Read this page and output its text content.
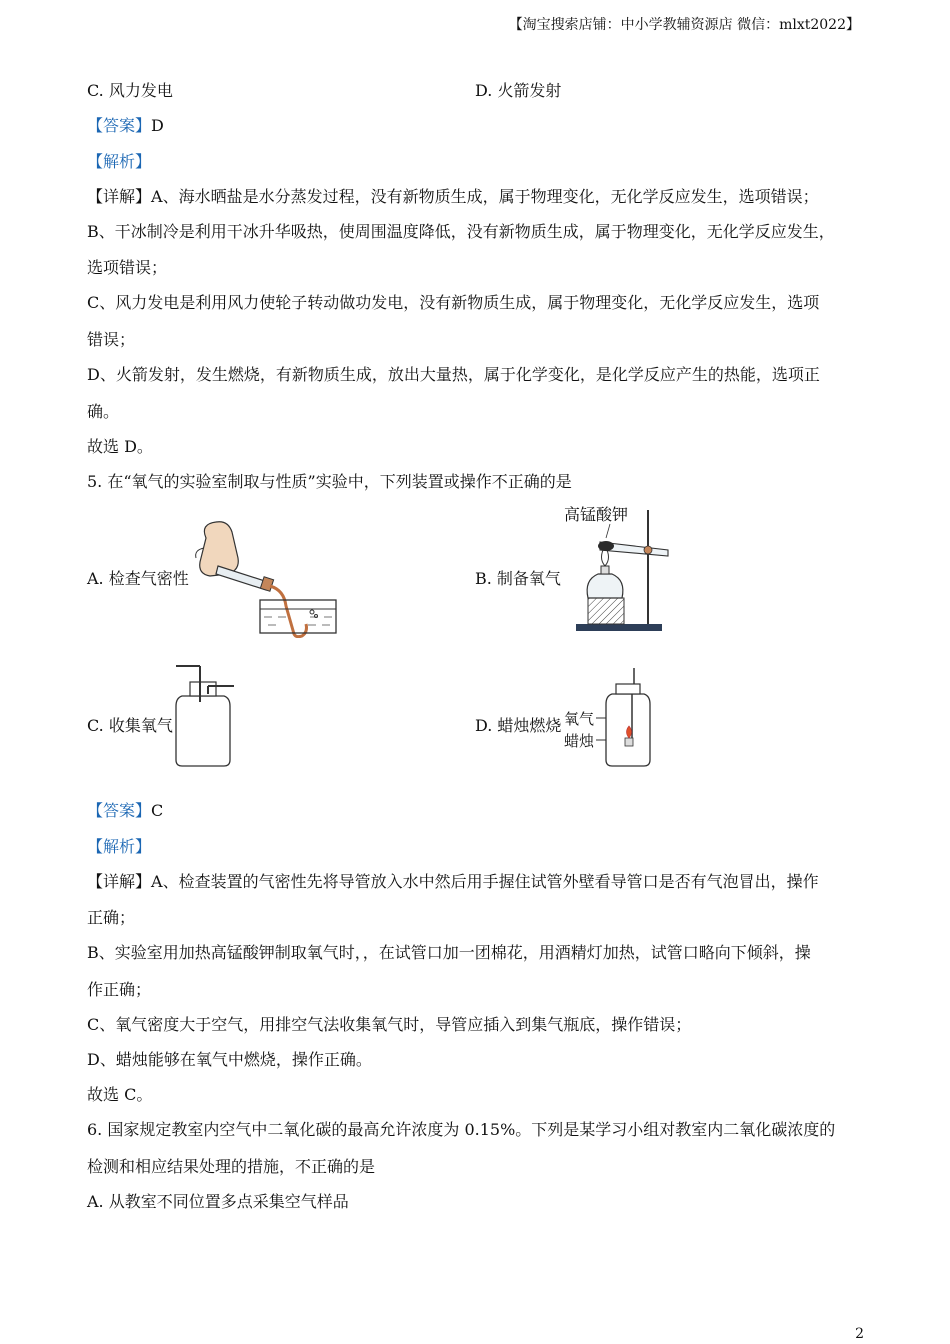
【淘宝搜索店铺：中小学教辅资源店 微信：mlxt2022】
C. 风力发电	D. 火箭发射
【答案】D
【解析】
【详解】A、海水晒盐是水分蒸发过程，没有新物质生成，属于物理变化，无化学反应发生，选项错误；
B、干冰制冷是利用干冰升华吸热，使周围温度降低，没有新物质生成，属于物理变化，无化学反应发生，
选项错误；
C、风力发电是利用风力使轮子转动做功发电，没有新物质生成，属于物理变化，无化学反应发生，选项
错误；
D、火箭发射，发生燃烧，有新物质生成，放出大量热，属于化学变化，是化学反应产生的热能，选项正
确。
故选 D。
5. 在“氧气的实验室制取与性质”实验中，下列装置或操作不正确的是
A. 检查气密性	B. 制备氧气
高锰酸钾
C. 收集氧气	D. 蜡烛燃烧 氧气
蜡烛
【答案】C
【解析】
【详解】A、检查装置的气密性先将导管放入水中然后用手握住试管外壁看导管口是否有气泡冒出，操作
正确；
B、实验室用加热高锰酸钾制取氧气时，，在试管口加一团棉花，用酒精灯加热，试管口略向下倾斜，操
作正确；
C、氧气密度大于空气，用排空气法收集氧气时，导管应插入到集气瓶底，操作错误；
D、蜡烛能够在氧气中燃烧，操作正确。
故选 C。
6. 国家规定教室内空气中二氧化碳的最高允许浓度为 0.15%。下列是某学习小组对教室内二氧化碳浓度的
检测和相应结果处理的措施，不正确的是
A. 从教室不同位置多点采集空气样品
2
